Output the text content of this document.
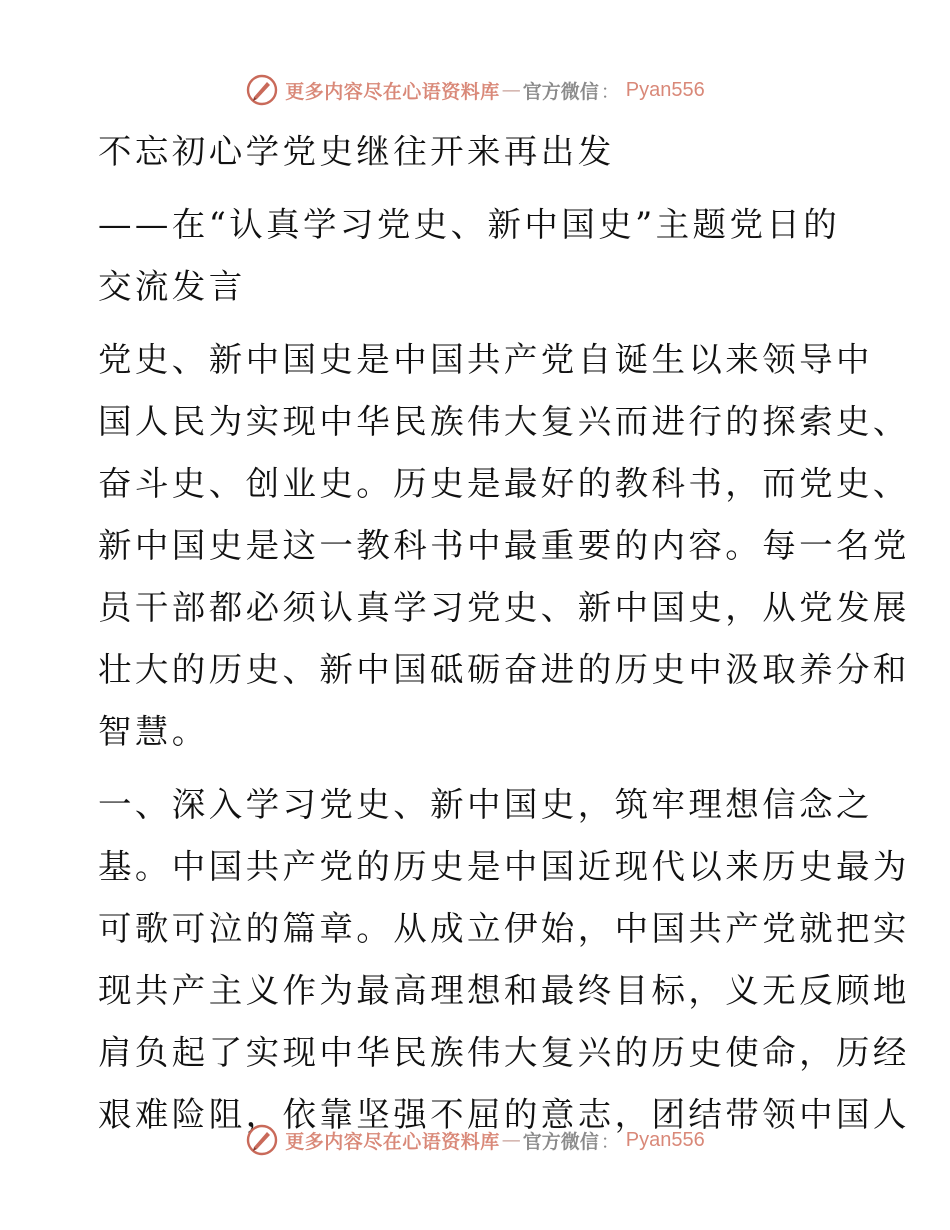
更多内容尽在心语资料库 — 官方微信 ： Pyan556
不忘初心学党史继往开来再出发
——在“认真学习党史、新中国史”主题党日的
交流发言
党史、新中国史是中国共产党自诞生以来领导中
国人民为实现中华民族伟大复兴而进行的探索史、
奋斗史、创业史。历史是最好的教科书，而党史、
新中国史是这一教科书中最重要的内容。每一名党
员干部都必须认真学习党史、新中国史，从党发展
壮大的历史、新中国砥砺奋进的历史中汲取养分和
智慧。
一、深入学习党史、新中国史，筑牢理想信念之
基。中国共产党的历史是中国近现代以来历史最为
可歌可泣的篇章。从成立伊始，中国共产党就把实
现共产主义作为最高理想和最终目标，义无反顾地
肩负起了实现中华民族伟大复兴的历史使命，历经
艰难险阻，依靠坚强不屈的意志，团结带领中国人
更多内容尽在心语资料库 — 官方微信 ： Pyan556
